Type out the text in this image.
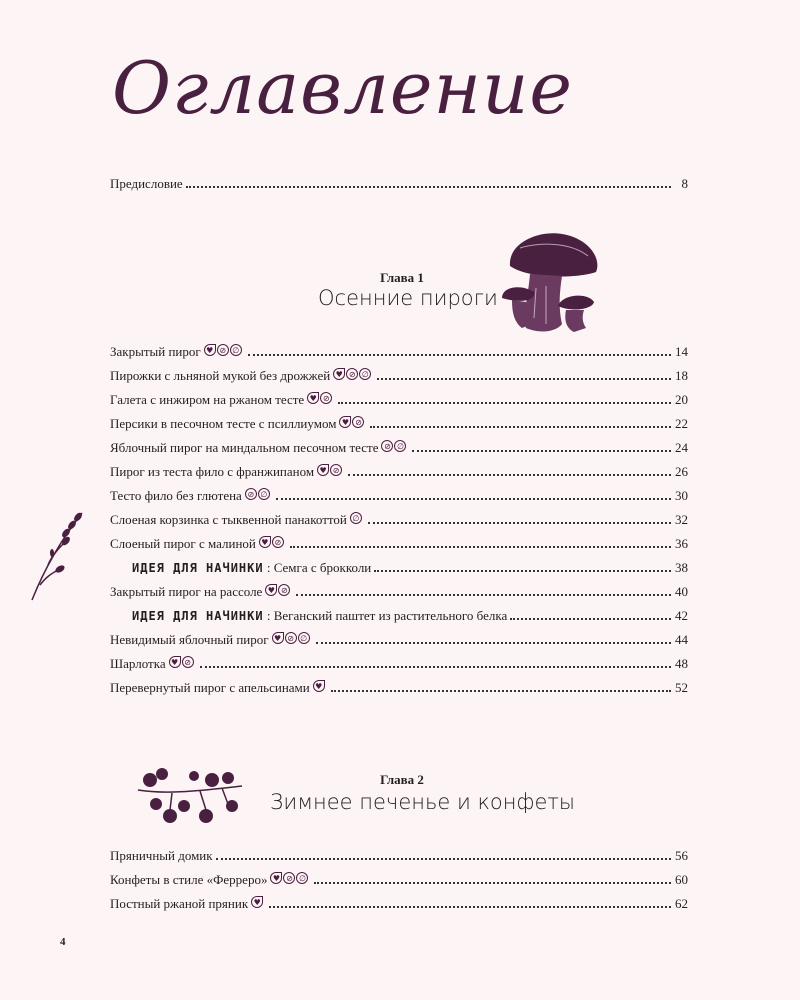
Оглавление
Предисловие	8
Глава 1
Осенние пироги
Глава 2
Зимнее печенье и конфеты
Закрытый пирог ♥ ⊘ ∅	14
Пирожки с льняной мукой без дрожжей ♥ ⊘ ∅	18
Галета с инжиром на ржаном тесте ♥ ⊘	20
Персики в песочном тесте с псиллиумом ♥ ⊘	22
Яблочный пирог на миндальном песочном тесте ⊘ ∅	24
Пирог из теста фило с франжипаном ♥ ⊘	26
Тесто фило без глютена ⊘ ∅	30
Слоеная корзинка с тыквенной панакоттой ∅	32
Слоеный пирог с малиной ♥ ⊘	36
ИДЕЯ ДЛЯ НАЧИНКИ : Семга с брокколи	38
Закрытый пирог на рассоле ♥ ⊘	40
ИДЕЯ ДЛЯ НАЧИНКИ : Веганский паштет из растительного белка	42
Невидимый яблочный пирог ♥ ⊘ ∅	44
Шарлотка ♥ ⊘	48
Перевернутый пирог с апельсинами ♥	52
Пряничный домик	56
Конфеты в стиле «Ферреро» ♥ ⊘ ∅	60
Постный ржаной пряник ♥	62
4
